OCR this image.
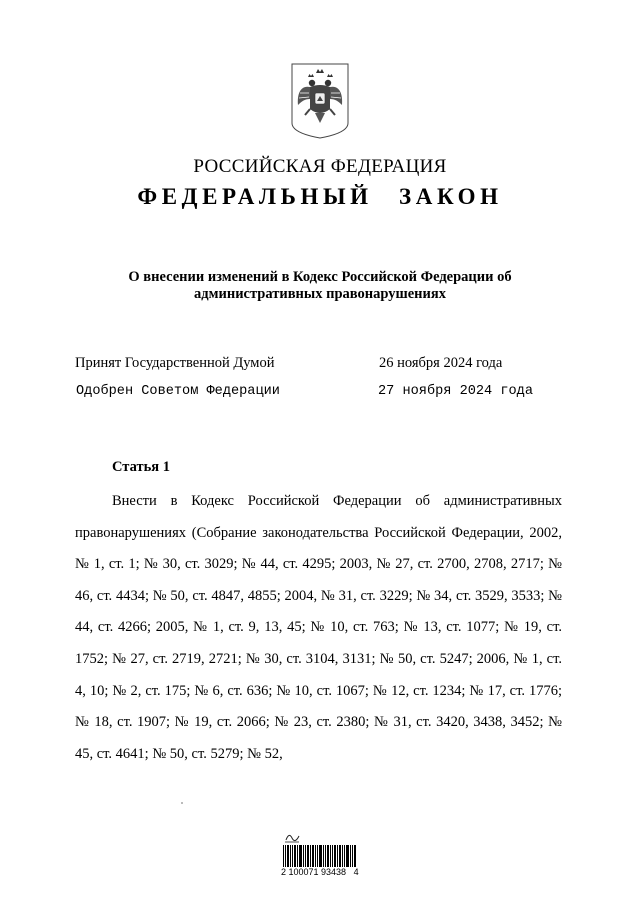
РОССИЙСКАЯ ФЕДЕРАЦИЯ
ФЕДЕРАЛЬНЫЙ ЗАКОН
О внесении изменений в Кодекс Российской Федерации об
административных правонарушениях
Принят Государственной Думой	26 ноября 2024 года
Одобрен Советом Федерации	27 ноября 2024 года
Статья 1
Внести в Кодекс Российской Федерации об административных правонарушениях (Собрание законодательства Российской Федерации, 2002, № 1, ст. 1; № 30, ст. 3029; № 44, ст. 4295; 2003, № 27, ст. 2700, 2708, 2717; № 46, ст. 4434; № 50, ст. 4847, 4855; 2004, № 31, ст. 3229; № 34, ст. 3529, 3533; № 44, ст. 4266; 2005, № 1, ст. 9, 13, 45; № 10, ст. 763; № 13, ст. 1077; № 19, ст. 1752; № 27, ст. 2719, 2721; № 30, ст. 3104, 3131; № 50, ст. 5247; 2006, № 1, ст. 4, 10; № 2, ст. 175; № 6, ст. 636; № 10, ст. 1067; № 12, ст. 1234; № 17, ст. 1776; № 18, ст. 1907; № 19, ст. 2066; № 23, ст. 2380; № 31, ст. 3420, 3438, 3452; № 45, ст. 4641; № 50, ст. 5279; № 52,
2 100071 93438   4
